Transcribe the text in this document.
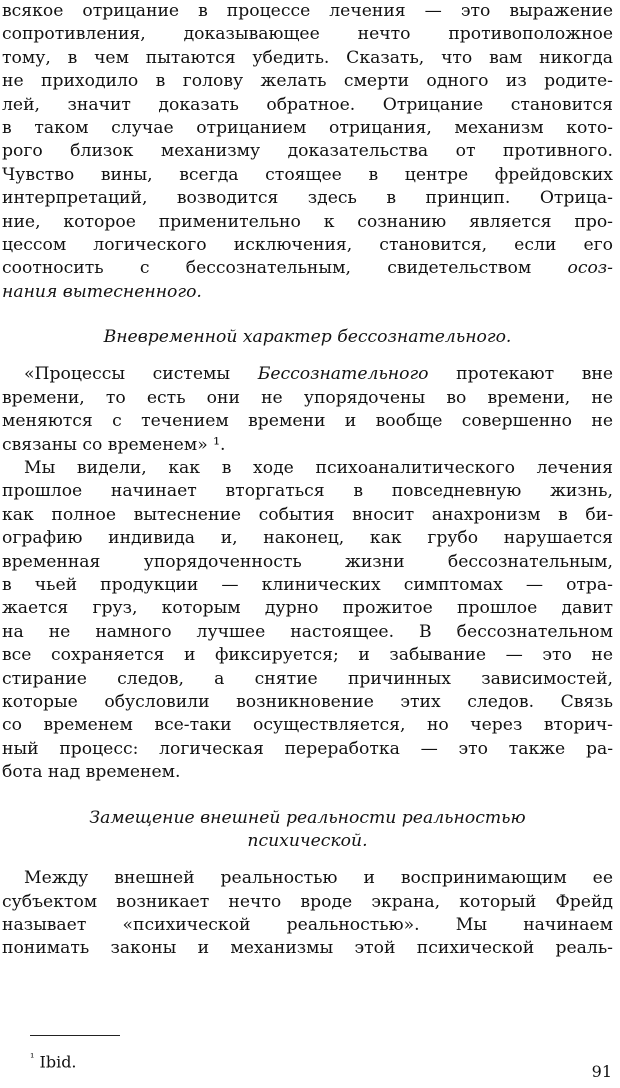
всякое отрицание в процессе лечения — это выражение
сопротивления, доказывающее нечто противоположное
тому, в чем пытаются убедить. Сказать, что вам никогда
не приходило в голову желать смерти одного из родите-
лей, значит доказать обратное. Отрицание становится
в таком случае отрицанием отрицания, механизм кото-
рого близок механизму доказательства от противного.
Чувство вины, всегда стоящее в центре фрейдовских
интерпретаций, возводится здесь в принцип. Отрица-
ние, которое применительно к сознанию является про-
цессом логического исключения, становится, если его
соотносить с бессознательным, свидетельством осоз-
нания вытесненного.
Вневременной характер бессознательного.
«Процессы системы Бессознательного протекают вне
времени, то есть они не упорядочены во времени, не
меняются с течением времени и вообще совершенно не
связаны со временем» ¹.
Мы видели, как в ходе психоаналитического лечения
прошлое начинает вторгаться в повседневную жизнь,
как полное вытеснение события вносит анахронизм в би-
ографию индивида и, наконец, как грубо нарушается
временная упорядоченность жизни бессознательным,
в чьей продукции — клинических симптомах — отра-
жается груз, которым дурно прожитое прошлое давит
на не намного лучшее настоящее. В бессознательном
все сохраняется и фиксируется; и забывание — это не
стирание следов, а снятие причинных зависимостей,
которые обусловили возникновение этих следов. Связь
со временем все-таки осуществляется, но через вторич-
ный процесс: логическая переработка — это также ра-
бота над временем.
Замещение внешней реальности реальностью
психической.
Между внешней реальностью и воспринимающим ее
субъектом возникает нечто вроде экрана, который Фрейд
называет «психической реальностью». Мы начинаем
понимать законы и механизмы этой психической реаль-
$^{^1}$ Ibid.
91
